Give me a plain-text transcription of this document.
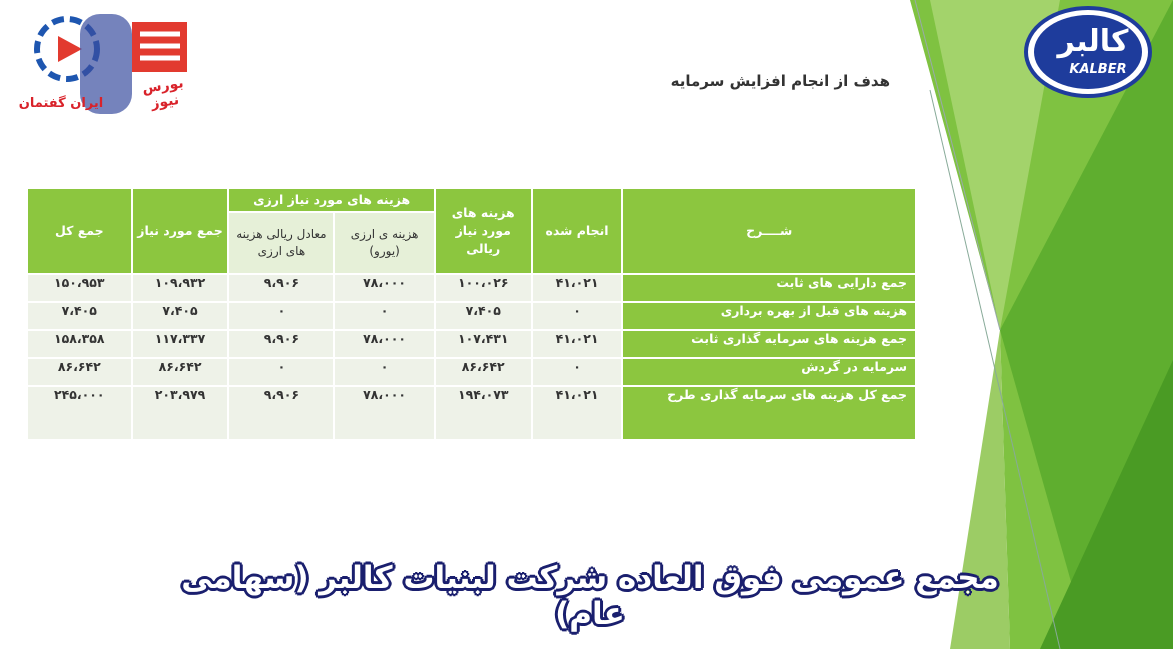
ایران گفتمان
بورس نیوز
کالبر
KALBER
هدف از انجام افزایش سرمایه
شــــرح	انجام شده	هزینه های مورد نیاز ریالی	هزینه های مورد نیاز ارزی		جمع مورد نیاز	جمع کل
			هزینه ی ارزی (یورو)	معادل ریالی هزینه های ارزی		
جمع دارایی های ثابت	۴۱،۰۲۱	۱۰۰،۰۲۶	۷۸،۰۰۰	۹،۹۰۶	۱۰۹،۹۳۲	۱۵۰،۹۵۳
هزینه های قبل از بهره برداری	۰	۷،۴۰۵	۰	۰	۷،۴۰۵	۷،۴۰۵
جمع هزینه های سرمایه گذاری ثابت	۴۱،۰۲۱	۱۰۷،۴۳۱	۷۸،۰۰۰	۹،۹۰۶	۱۱۷،۳۳۷	۱۵۸،۳۵۸
سرمایه در گردش	۰	۸۶،۶۴۲	۰	۰	۸۶،۶۴۲	۸۶،۶۴۲
جمع کل هزینه های سرمایه گذاری طرح	۴۱،۰۲۱	۱۹۴،۰۷۳	۷۸،۰۰۰	۹،۹۰۶	۲۰۳،۹۷۹	۲۴۵،۰۰۰
مجمع عمومی فوق العاده شرکت لبنیات کالبر (سهامی عام)
